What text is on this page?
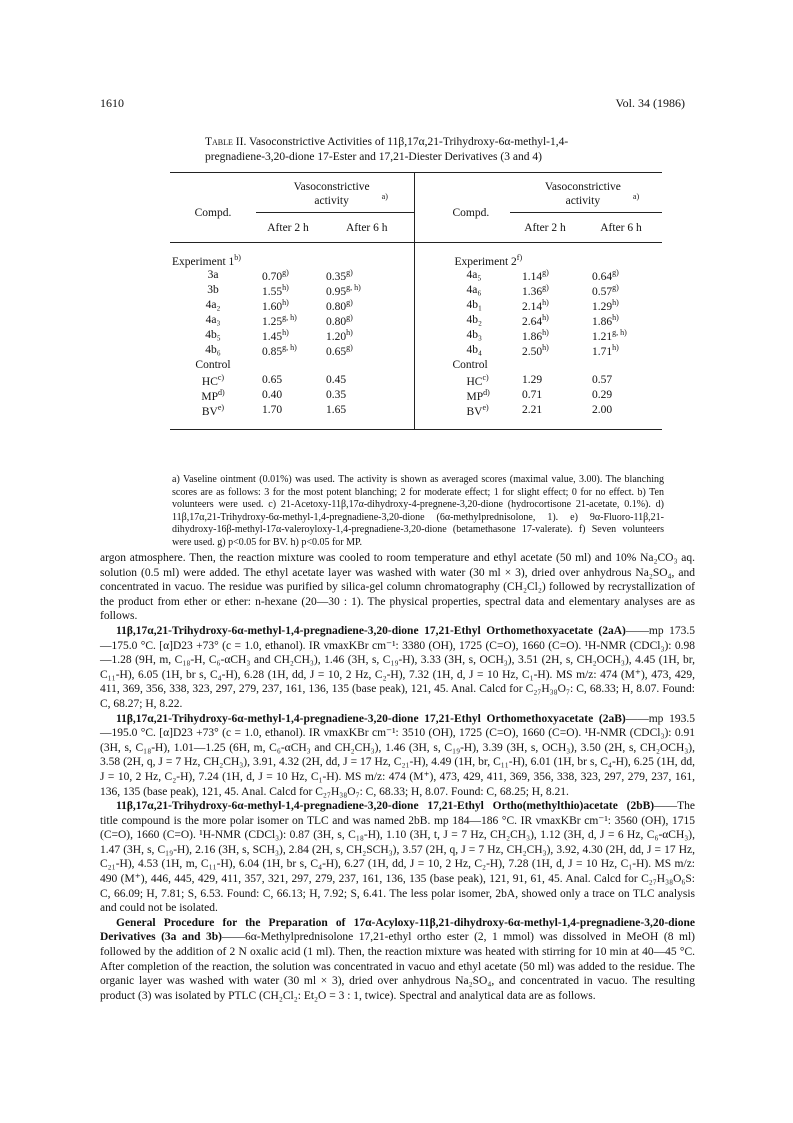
1610	Vol. 34 (1986)
Table II. Vasoconstrictive Activities of 11β,17α,21-Trihydroxy-6α-methyl-1,4-pregnadiene-3,20-dione 17-Ester and 17,21-Diester Derivatives (3 and 4)
Compd.	Vasoconstrictive activity $^{a)}$		Compd.	Vasoconstrictive activity $^{a)}$
	After 2 h	After 6 h		After 2 h	After 6 h

Experiment 1$^{b)}$			Experiment 2$^{f)}$	
3a	0.70$^{g)}$	0.35$^{g)}$	4a₅	1.14$^{g)}$	0.64$^{g)}$
3b	1.55$^{h)}$	0.95$^{g, h)}$	4a₆	1.36$^{g)}$	0.57$^{g)}$
4a₂	1.60$^{h)}$	0.80$^{g)}$	4b₁	2.14$^{h)}$	1.29$^{h)}$
4a₃	1.25$^{g, h)}$	0.80$^{g)}$	4b₂	2.64$^{h)}$	1.86$^{h)}$
4b₅	1.45$^{h)}$	1.20$^{h)}$	4b₃	1.86$^{h)}$	1.21$^{g, h)}$
4b₆	0.85$^{g, h)}$	0.65$^{g)}$	4b₄	2.50$^{h)}$	1.71$^{h)}$
Control			Control		
HC$^{c)}$	0.65	0.45	HC$^{c)}$	1.29	0.57
MP$^{d)}$	0.40	0.35	MP$^{d)}$	0.71	0.29
BV$^{e)}$	1.70	1.65	BV$^{e)}$	2.21	2.00

a) Vaseline ointment (0.01%) was used. The activity is shown as averaged scores (maximal value, 3.00). The blanching scores are as follows: 3 for the most potent blanching; 2 for moderate effect; 1 for slight effect; 0 for no effect. b) Ten volunteers were used. c) 21-Acetoxy-11β,17α-dihydroxy-4-pregnene-3,20-dione (hydrocortisone 21-acetate, 0.1%). d) 11β,17α,21-Trihydroxy-6α-methyl-1,4-pregnadiene-3,20-dione (6α-methylprednisolone, 1). e) 9α-Fluoro-11β,21-dihydroxy-16β-methyl-17α-valeroyloxy-1,4-pregnadiene-3,20-dione (betamethasone 17-valerate). f) Seven volunteers were used. g) p<0.05 for BV. h) p<0.05 for MP.

argon atmosphere. Then, the reaction mixture was cooled to room temperature and ethyl acetate (50 ml) and 10% Na₂CO₃ aq. solution (0.5 ml) were added. The ethyl acetate layer was washed with water (30 ml × 3), dried over anhydrous Na₂SO₄, and concentrated in vacuo. The residue was purified by silica-gel column chromatography (CH₂Cl₂) followed by recrystallization of the product from ether or ether: n-hexane (20—30 : 1). The physical properties, spectral data and elementary analyses are as follows.

11β,17α,21-Trihydroxy-6α-methyl-1,4-pregnadiene-3,20-dione 17,21-Ethyl Orthomethoxyacetate (2aA)——mp 173.5—175.0 °C. [α]D23 +73° (c = 1.0, ethanol). IR νmaxKBr cm⁻¹: 3380 (OH), 1725 (C=O), 1660 (C=O). ¹H-NMR (CDCl₃): 0.98—1.28 (9H, m, C₁₈-H, C₆-αCH₃ and CH₂CH₃), 1.46 (3H, s, C₁₉-H), 3.33 (3H, s, OCH₃), 3.51 (2H, s, CH₂OCH₃), 4.45 (1H, br, C₁₁-H), 6.05 (1H, br s, C₄-H), 6.28 (1H, dd, J = 10, 2 Hz, C₂-H), 7.32 (1H, d, J = 10 Hz, C₁-H). MS m/z: 474 (M⁺), 473, 429, 411, 369, 356, 338, 323, 297, 279, 237, 161, 136, 135 (base peak), 121, 45. Anal. Calcd for C₂₇H₃₈O₇: C, 68.33; H, 8.07. Found: C, 68.27; H, 8.22.

11β,17α,21-Trihydroxy-6α-methyl-1,4-pregnadiene-3,20-dione 17,21-Ethyl Orthomethoxyacetate (2aB)——mp 193.5—195.0 °C. [α]D23 +73° (c = 1.0, ethanol). IR νmaxKBr cm⁻¹: 3510 (OH), 1725 (C=O), 1660 (C=O). ¹H-NMR (CDCl₃): 0.91 (3H, s, C₁₈-H), 1.01—1.25 (6H, m, C₆-αCH₃ and CH₂CH₃), 1.46 (3H, s, C₁₉-H), 3.39 (3H, s, OCH₃), 3.50 (2H, s, CH₂OCH₃), 3.58 (2H, q, J = 7 Hz, CH₂CH₃), 3.91, 4.32 (2H, dd, J = 17 Hz, C₂₁-H), 4.49 (1H, br, C₁₁-H), 6.01 (1H, br s, C₄-H), 6.25 (1H, dd, J = 10, 2 Hz, C₂-H), 7.24 (1H, d, J = 10 Hz, C₁-H). MS m/z: 474 (M⁺), 473, 429, 411, 369, 356, 338, 323, 297, 279, 237, 161, 136, 135 (base peak), 121, 45. Anal. Calcd for C₂₇H₃₈O₇: C, 68.33; H, 8.07. Found: C, 68.25; H, 8.21.

11β,17α,21-Trihydroxy-6α-methyl-1,4-pregnadiene-3,20-dione 17,21-Ethyl Ortho(methylthio)acetate (2bB)——The title compound is the more polar isomer on TLC and was named 2bB. mp 184—186 °C. IR νmaxKBr cm⁻¹: 3560 (OH), 1715 (C=O), 1660 (C=O). ¹H-NMR (CDCl₃): 0.87 (3H, s, C₁₈-H), 1.10 (3H, t, J = 7 Hz, CH₂CH₃), 1.12 (3H, d, J = 6 Hz, C₆-αCH₃), 1.47 (3H, s, C₁₉-H), 2.16 (3H, s, SCH₃), 2.84 (2H, s, CH₂SCH₃), 3.57 (2H, q, J = 7 Hz, CH₂CH₃), 3.92, 4.30 (2H, dd, J = 17 Hz, C₂₁-H), 4.53 (1H, m, C₁₁-H), 6.04 (1H, br s, C₄-H), 6.27 (1H, dd, J = 10, 2 Hz, C₂-H), 7.28 (1H, d, J = 10 Hz, C₁-H). MS m/z: 490 (M⁺), 446, 445, 429, 411, 357, 321, 297, 279, 237, 161, 136, 135 (base peak), 121, 91, 61, 45. Anal. Calcd for C₂₇H₃₈O₆S: C, 66.09; H, 7.81; S, 6.53. Found: C, 66.13; H, 7.92; S, 6.41. The less polar isomer, 2bA, showed only a trace on TLC analysis and could not be isolated.

General Procedure for the Preparation of 17α-Acyloxy-11β,21-dihydroxy-6α-methyl-1,4-pregnadiene-3,20-dione Derivatives (3a and 3b)——6α-Methylprednisolone 17,21-ethyl ortho ester (2, 1 mmol) was dissolved in MeOH (8 ml) followed by the addition of 2 N oxalic acid (1 ml). Then, the reaction mixture was heated with stirring for 10 min at 40—45 °C. After completion of the reaction, the solution was concentrated in vacuo and ethyl acetate (50 ml) was added to the residue. The organic layer was washed with water (30 ml × 3), dried over anhydrous Na₂SO₄, and concentrated in vacuo. The resulting product (3) was isolated by PTLC (CH₂Cl₂: Et₂O = 3 : 1, twice). Spectral and analytical data are as follows.
